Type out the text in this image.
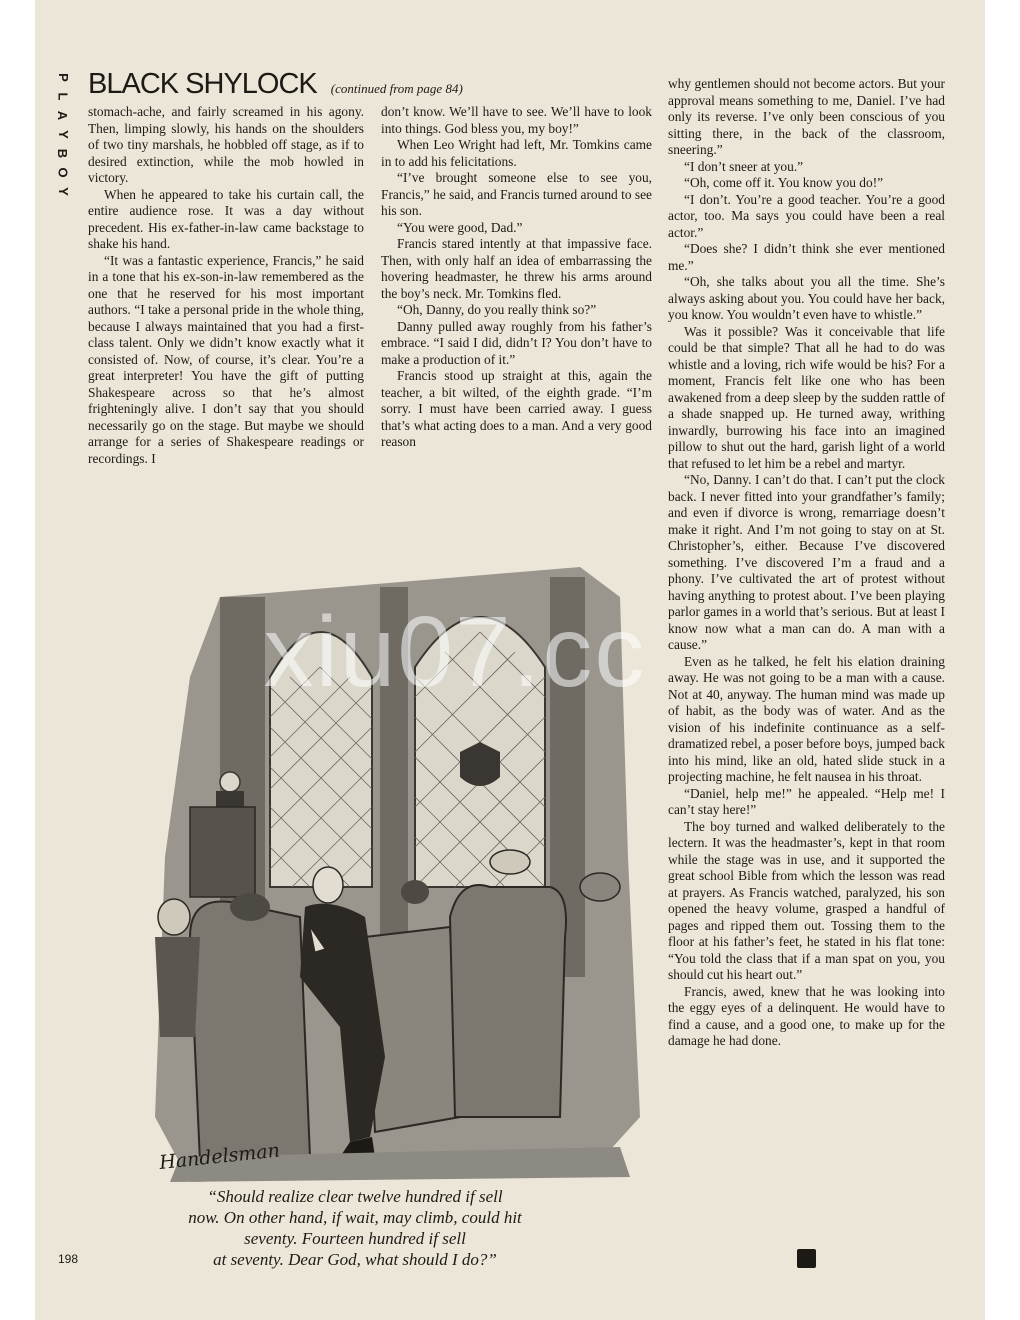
P
L
A
Y
B
O
Y
BLACK SHYLOCK (continued from page 84)

stomach-ache, and fairly screamed in his agony. Then, limping slowly, his hands on the shoulders of two tiny marshals, he hobbled off stage, as if to desired extinction, while the mob howled in victory.

When he appeared to take his curtain call, the entire audience rose. It was a day without precedent. His ex-father-in-law came backstage to shake his hand.

“It was a fantastic experience, Francis,” he said in a tone that his ex-son-in-law remembered as the one that he reserved for his most important authors. “I take a personal pride in the whole thing, because I always maintained that you had a first-class talent. Only we didn’t know exactly what it consisted of. Now, of course, it’s clear. You’re a great interpreter! You have the gift of putting Shakespeare across so that he’s almost frighteningly alive. I don’t say that you should necessarily go on the stage. But maybe we should arrange for a series of Shakespeare readings or recordings. I

don’t know. We’ll have to see. We’ll have to look into things. God bless you, my boy!”

When Leo Wright had left, Mr. Tomkins came in to add his felicitations.

“I’ve brought someone else to see you, Francis,” he said, and Francis turned around to see his son.

“You were good, Dad.”

Francis stared intently at that impassive face. Then, with only half an idea of embarrassing the hovering headmaster, he threw his arms around the boy’s neck. Mr. Tomkins fled.

“Oh, Danny, do you really think so?”

Danny pulled away roughly from his father’s embrace. “I said I did, didn’t I? You don’t have to make a production of it.”

Francis stood up straight at this, again the teacher, a bit wilted, of the eighth grade. “I’m sorry. I must have been carried away. I guess that’s what acting does to a man. And a very good reason

why gentlemen should not become actors. But your approval means something to me, Daniel. I’ve had only its reverse. I’ve only been conscious of you sitting there, in the back of the classroom, sneering.”

“I don’t sneer at you.”

“Oh, come off it. You know you do!”

“I don’t. You’re a good teacher. You’re a good actor, too. Ma says you could have been a real actor.”

“Does she? I didn’t think she ever mentioned me.”

“Oh, she talks about you all the time. She’s always asking about you. You could have her back, you know. You wouldn’t even have to whistle.”

Was it possible? Was it conceivable that life could be that simple? That all he had to do was whistle and a loving, rich wife would be his? For a moment, Francis felt like one who has been awakened from a deep sleep by the sudden rattle of a shade snapped up. He turned away, writhing inwardly, burrowing his face into an imagined pillow to shut out the hard, garish light of a world that refused to let him be a rebel and martyr.

“No, Danny. I can’t do that. I can’t put the clock back. I never fitted into your grandfather’s family; and even if divorce is wrong, remarriage doesn’t make it right. And I’m not going to stay on at St. Christopher’s, either. Because I’ve discovered something. I’ve discovered I’m a fraud and a phony. I’ve cultivated the art of protest without having anything to protest about. I’ve been playing parlor games in a world that’s serious. But at least I know now what a man can do. A man with a cause.”

Even as he talked, he felt his elation draining away. He was not going to be a man with a cause. Not at 40, anyway. The human mind was made up of habit, as the body was of water. And as the vision of his indefinite continuance as a self-dramatized rebel, a poser before boys, jumped back into his mind, like an old, hated slide stuck in a projecting machine, he felt nausea in his throat.

“Daniel, help me!” he appealed. “Help me! I can’t stay here!”

The boy turned and walked deliberately to the lectern. It was the headmaster’s, kept in that room while the stage was in use, and it supported the great school Bible from which the lesson was read at prayers. As Francis watched, paralyzed, his son opened the heavy volume, grasped a handful of pages and ripped them out. Tossing them to the floor at his father’s feet, he stated in his flat tone: “You told the class that if a man spat on you, you should cut his heart out.”

Francis, awed, knew that he was looking into the eggy eyes of a delinquent. He would have to find a cause, and a good one, to make up for the damage he had done.

Handelsman
xiu07.cc
“Should realize clear twelve hundred if sell
now. On other hand, if wait, may climb, could hit
seventy. Fourteen hundred if sell
at seventy. Dear God, what should I do?”
198
